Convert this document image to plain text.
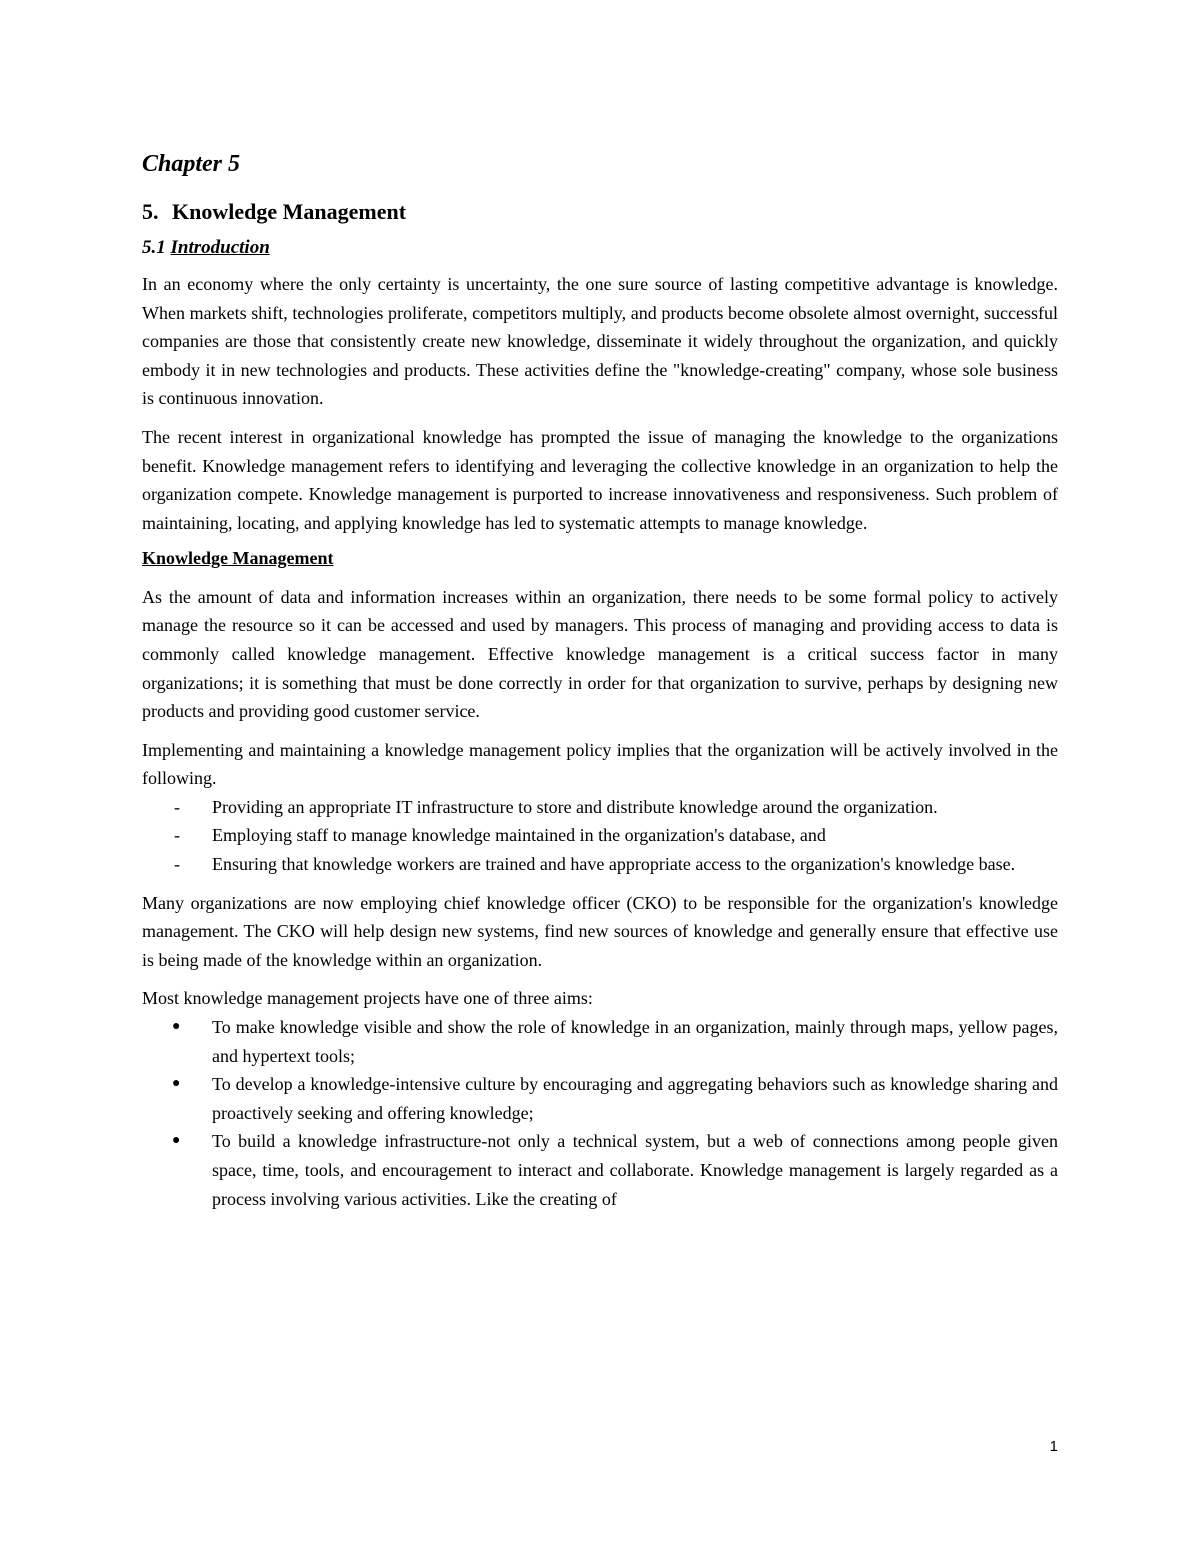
Chapter 5
5. Knowledge Management
5.1 Introduction

In an economy where the only certainty is uncertainty, the one sure source of lasting competitive advantage is knowledge. When markets shift, technologies proliferate, competitors multiply, and products become obsolete almost overnight, successful companies are those that consistently create new knowledge, disseminate it widely throughout the organization, and quickly embody it in new technologies and products. These activities define the "knowledge-creating" company, whose sole business is continuous innovation.

The recent interest in organizational knowledge has prompted the issue of managing the knowledge to the organizations benefit. Knowledge management refers to identifying and leveraging the collective knowledge in an organization to help the organization compete. Knowledge management is purported to increase innovativeness and responsiveness. Such problem of maintaining, locating, and applying knowledge has led to systematic attempts to manage knowledge.

Knowledge Management

As the amount of data and information increases within an organization, there needs to be some formal policy to actively manage the resource so it can be accessed and used by managers. This process of managing and providing access to data is commonly called knowledge management. Effective knowledge management is a critical success factor in many organizations; it is something that must be done correctly in order for that organization to survive, perhaps by designing new products and providing good customer service.

Implementing and maintaining a knowledge management policy implies that the organization will be actively involved in the following.

- Providing an appropriate IT infrastructure to store and distribute knowledge around the organization.
- Employing staff to manage knowledge maintained in the organization's database, and
- Ensuring that knowledge workers are trained and have appropriate access to the organization's knowledge base.

Many organizations are now employing chief knowledge officer (CKO) to be responsible for the organization's knowledge management. The CKO will help design new systems, find new sources of knowledge and generally ensure that effective use is being made of the knowledge within an organization.

Most knowledge management projects have one of three aims:

● To make knowledge visible and show the role of knowledge in an organization, mainly through maps, yellow pages, and hypertext tools;
● To develop a knowledge-intensive culture by encouraging and aggregating behaviors such as knowledge sharing and proactively seeking and offering knowledge;
● To build a knowledge infrastructure-not only a technical system, but a web of connections among people given space, time, tools, and encouragement to interact and collaborate. Knowledge management is largely regarded as a process involving various activities. Like the creating of
1
